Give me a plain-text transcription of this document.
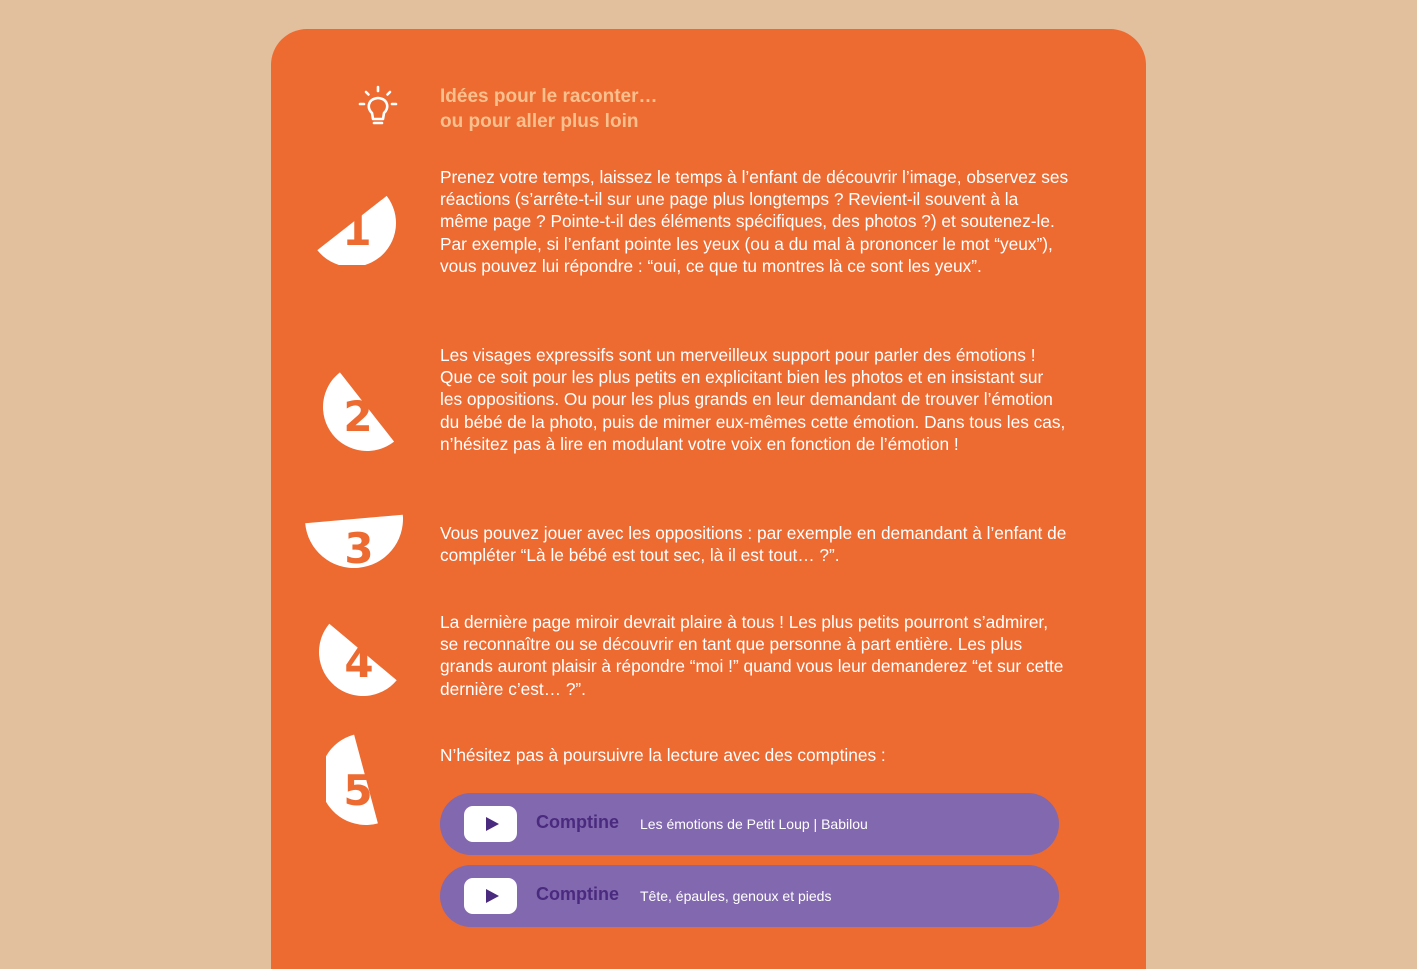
Idées pour le raconter…
ou pour aller plus loin
1
Prenez votre temps, laissez le temps à l’enfant de découvrir l’image, observez ses réactions (s’arrête-t-il sur une page plus longtemps ? Revient-il souvent à la même page ? Pointe-t-il des éléments spécifiques, des photos ?) et soutenez-le. Par exemple, si l’enfant pointe les yeux (ou a du mal à prononcer le mot “yeux”), vous pouvez lui répondre : “oui, ce que tu montres là ce sont les yeux”.
2
Les visages expressifs sont un merveilleux support pour parler des émotions ! Que ce soit pour les plus petits en explicitant bien les photos et en insistant sur les oppositions. Ou pour les plus grands en leur demandant de trouver l’émotion du bébé de la photo, puis de mimer eux-mêmes cette émotion. Dans tous les cas, n’hésitez pas à lire en modulant votre voix en fonction de l’émotion !
3	Vous pouvez jouer avec les oppositions : par exemple en demandant à l’enfant de compléter “Là le bébé est tout sec, là il est tout… ?”.
4
La dernière page miroir devrait plaire à tous ! Les plus petits pourront s’admirer, se reconnaître ou se découvrir en tant que personne à part entière. Les plus grands auront plaisir à répondre “moi !” quand vous leur demanderez “et sur cette dernière c’est… ?”.
5
N’hésitez pas à poursuivre la lecture avec des comptines :
Comptine Les émotions de Petit Loup | Babilou
Comptine Tête, épaules, genoux et pieds
